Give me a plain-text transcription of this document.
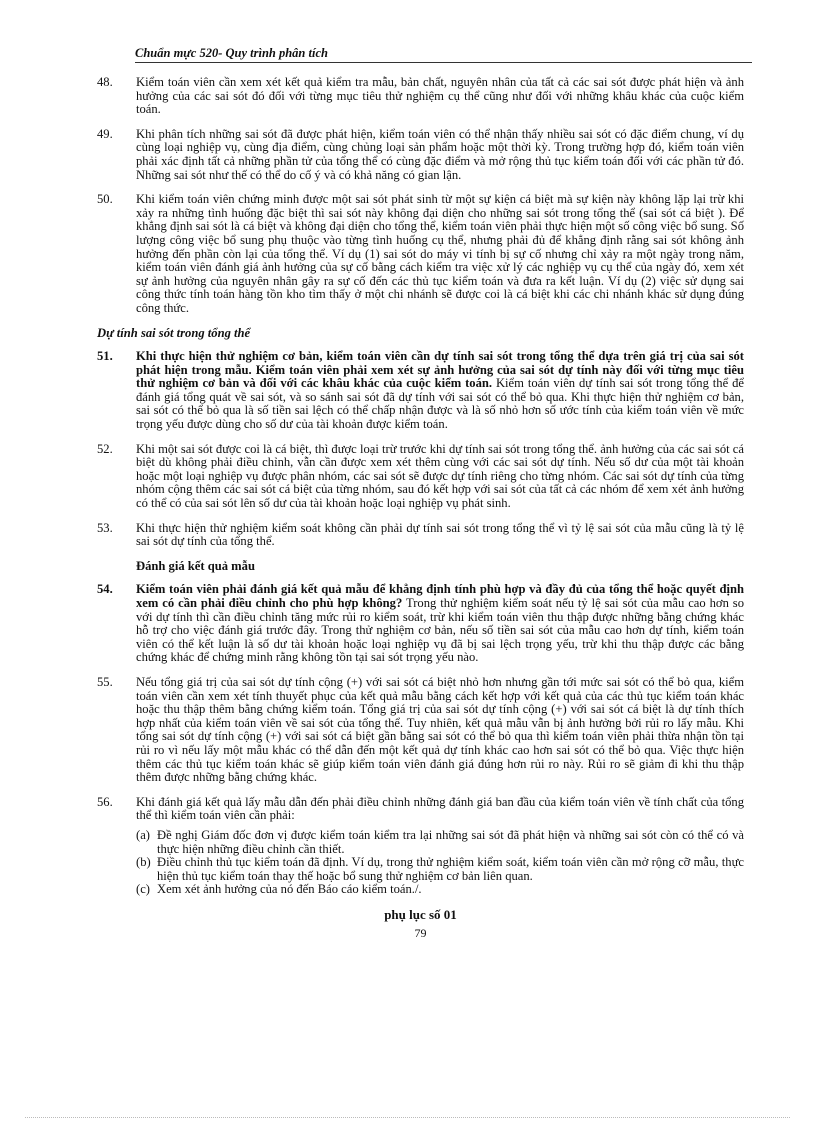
Chuẩn mực 520- Quy trình phân tích
48.	Kiểm toán viên cần xem xét kết quả kiểm tra mẫu, bản chất, nguyên nhân của tất cả các sai sót được phát hiện và ảnh hưởng của các sai sót đó đối với từng mục tiêu thử nghiệm cụ thể cũng như đối với những khâu khác của cuộc kiểm toán.
49.	Khi phân tích những sai sót đã được phát hiện, kiểm toán viên có thể nhận thấy nhiều sai sót có đặc điểm chung, ví dụ cùng loại nghiệp vụ, cùng địa điểm, cùng chủng loại sản phẩm hoặc một thời kỳ. Trong trường hợp đó, kiểm toán viên phải xác định tất cả những phần tử của tổng thể có cùng đặc điểm và mở rộng thủ tục kiểm toán đối với các phần tử đó. Những sai sót như thế có thể do cố ý và có khả năng có gian lận.
50.	Khi kiểm toán viên chứng minh được một sai sót phát sinh từ một sự kiện cá biệt mà sự kiện này không lặp lại trừ khi xảy ra những tình huống đặc biệt thì sai sót này không đại diện cho những sai sót trong tổng thể (sai sót cá biệt ). Để khẳng định sai sót là cá biệt và không đại diện cho tổng thể, kiểm toán viên phải thực hiện một số công việc bổ sung. Số lượng công việc bổ sung phụ thuộc vào từng tình huống cụ thể, nhưng phải đủ để khẳng định rằng sai sót không ảnh hưởng đến phần còn lại của tổng thể. Ví dụ (1) sai sót do máy vi tính bị sự cố nhưng chỉ xảy ra một ngày trong năm, kiểm toán viên đánh giá ảnh hưởng của sự cố bằng cách kiểm tra việc xử lý các nghiệp vụ cụ thể của ngày đó, xem xét sự ảnh hưởng của nguyên nhân gây ra sự cố đến các thủ tục kiểm toán và đưa ra kết luận. Ví dụ (2) việc sử dụng sai công thức tính toán hàng tồn kho tìm thấy ở một chi nhánh sẽ được coi là cá biệt khi các chi nhánh khác sử dụng đúng công thức.
Dự tính sai sót trong tổng thể
51.	Khi thực hiện thử nghiệm cơ bản, kiểm toán viên cần dự tính sai sót trong tổng thể dựa trên giá trị của sai sót phát hiện trong mẫu. Kiểm toán viên phải xem xét sự ảnh hưởng của sai sót dự tính này đối với từng mục tiêu thử nghiệm cơ bản và đối với các khâu khác của cuộc kiểm toán. Kiểm toán viên dự tính sai sót trong tổng thể để đánh giá tổng quát về sai sót, và so sánh sai sót đã dự tính với sai sót có thể bỏ qua. Khi thực hiện thử nghiệm cơ bản, sai sót có thể bỏ qua là số tiền sai lệch có thể chấp nhận được và là số nhỏ hơn số ước tính của kiểm toán viên về mức trọng yếu được dùng cho số dư của tài khoản được kiểm toán.
52.	Khi một sai sót được coi là cá biệt, thì được loại trừ trước khi dự tính sai sót trong tổng thể. ảnh hưởng của các sai sót cá biệt dù không phải điều chỉnh, vẫn cần được xem xét thêm cùng với các sai sót dự tính. Nếu số dư của một tài khoản hoặc một loại nghiệp vụ được phân nhóm, các sai sót sẽ được dự tính riêng cho từng nhóm. Các sai sót dự tính của từng nhóm cộng thêm các sai sót cá biệt của từng nhóm, sau đó kết hợp với sai sót của tất cả các nhóm để xem xét ảnh hưởng có thể có của sai sót lên số dư của tài khoản hoặc loại nghiệp vụ phát sinh.
53.	Khi thực hiện thử nghiệm kiểm soát không cần phải dự tính sai sót trong tổng thể vì tỷ lệ sai sót của mẫu cũng là tỷ lệ sai sót dự tính của tổng thể.
Đánh giá kết quả mẫu
54.	Kiểm toán viên phải đánh giá kết quả mẫu để khẳng định tính phù hợp và đầy đủ của tổng thể hoặc quyết định xem có cần phải điều chỉnh cho phù hợp không? Trong thử nghiệm kiểm soát nếu tỷ lệ sai sót của mẫu cao hơn so với dự tính thì cần điều chỉnh tăng mức rủi ro kiểm soát, trừ khi kiểm toán viên thu thập được những bằng chứng khác hỗ trợ cho việc đánh giá trước đây. Trong thử nghiệm cơ bản, nếu số tiền sai sót của mẫu cao hơn dự tính, kiểm toán viên có thể kết luận là số dư tài khoản hoặc loại nghiệp vụ đã bị sai lệch trọng yếu, trừ khi thu thập được các bằng chứng khác để chứng minh rằng không tồn tại sai sót trọng yếu nào.
55.	Nếu tổng giá trị của sai sót dự tính cộng (+) với sai sót cá biệt nhỏ hơn nhưng gần tới mức sai sót có thể bỏ qua, kiểm toán viên cần xem xét tính thuyết phục của kết quả mẫu bằng cách kết hợp với kết quả của các thủ tục kiểm toán khác hoặc thu thập thêm bằng chứng kiểm toán. Tổng giá trị của sai sót dự tính cộng (+) với sai sót cá biệt là dự tính thích hợp nhất của kiểm toán viên về sai sót của tổng thể. Tuy nhiên, kết quả mẫu vẫn bị ảnh hưởng bởi rủi ro lấy mẫu. Khi tổng sai sót dự tính cộng (+) với sai sót cá biệt gần bằng sai sót có thể bỏ qua thì kiểm toán viên phải thừa nhận tồn tại rủi ro vì nếu lấy một mẫu khác có thể dẫn đến một kết quả dự tính khác cao hơn sai sót có thể bỏ qua. Việc thực hiện thêm các thủ tục kiểm toán khác sẽ giúp kiểm toán viên đánh giá đúng hơn rủi ro này. Rủi ro sẽ giảm đi khi thu thập thêm được những bằng chứng khác.
56.	Khi đánh giá kết quả lấy mẫu dẫn đến phải điều chỉnh những đánh giá ban đầu của kiểm toán viên về tính chất của tổng thể thì kiểm toán viên cần phải:
(a) Đề nghị Giám đốc đơn vị được kiểm toán kiểm tra lại những sai sót đã phát hiện và những sai sót còn có thể có và thực hiện những điều chỉnh cần thiết.
(b) Điều chỉnh thủ tục kiểm toán đã định. Ví dụ, trong thử nghiệm kiểm soát, kiểm toán viên cần mở rộng cỡ mẫu, thực hiện thủ tục kiểm toán thay thế hoặc bổ sung thử nghiệm cơ bản liên quan.
(c) Xem xét ảnh hưởng của nó đến Báo cáo kiểm toán./.
phụ lục số 01
79
